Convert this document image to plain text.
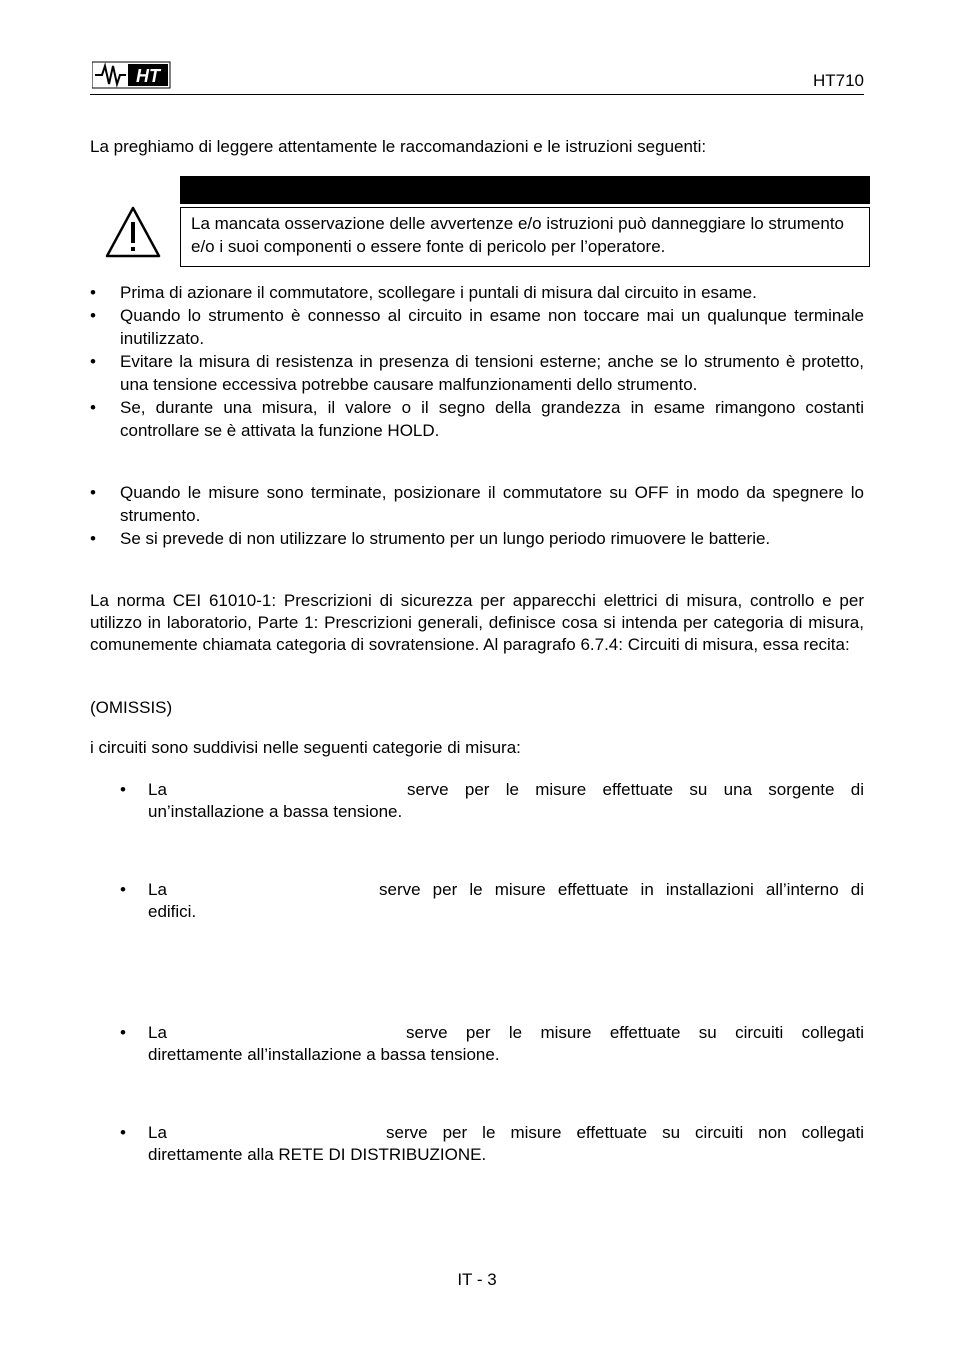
HT	HT710
La preghiamo di leggere attentamente le raccomandazioni e le istruzioni seguenti:
La mancata osservazione delle avvertenze e/o istruzioni può danneggiare lo strumento e/o i suoi componenti o essere fonte di pericolo per l’operatore.
• Prima di azionare il commutatore, scollegare i puntali di misura dal circuito in esame.
• Quando lo strumento è connesso al circuito in esame non toccare mai un qualunque terminale inutilizzato.
• Evitare la misura di resistenza in presenza di tensioni esterne; anche se lo strumento è protetto, una tensione eccessiva potrebbe causare malfunzionamenti dello strumento.
• Se, durante una misura, il valore o il segno della grandezza in esame rimangono costanti controllare se è attivata la funzione HOLD.
• Quando le misure sono terminate, posizionare il commutatore su OFF in modo da spegnere lo strumento.
• Se si prevede di non utilizzare lo strumento per un lungo periodo rimuovere le batterie.
La norma CEI 61010-1: Prescrizioni di sicurezza per apparecchi elettrici di misura, controllo e per utilizzo in laboratorio, Parte 1: Prescrizioni generali, definisce cosa si intenda per categoria di misura, comunemente chiamata categoria di sovratensione. Al paragrafo 6.7.4: Circuiti di misura, essa recita:
(OMISSIS)
i circuiti sono suddivisi nelle seguenti categorie di misura:
• La	serve per le misure effettuate su una sorgente di
un’installazione a bassa tensione.
• La	serve per le misure effettuate in installazioni all’interno di
edifici.
• La	serve per le misure effettuate su circuiti collegati
direttamente all’installazione a bassa tensione.
• La	serve per le misure effettuate su circuiti non collegati
direttamente alla RETE DI DISTRIBUZIONE.
IT - 3
